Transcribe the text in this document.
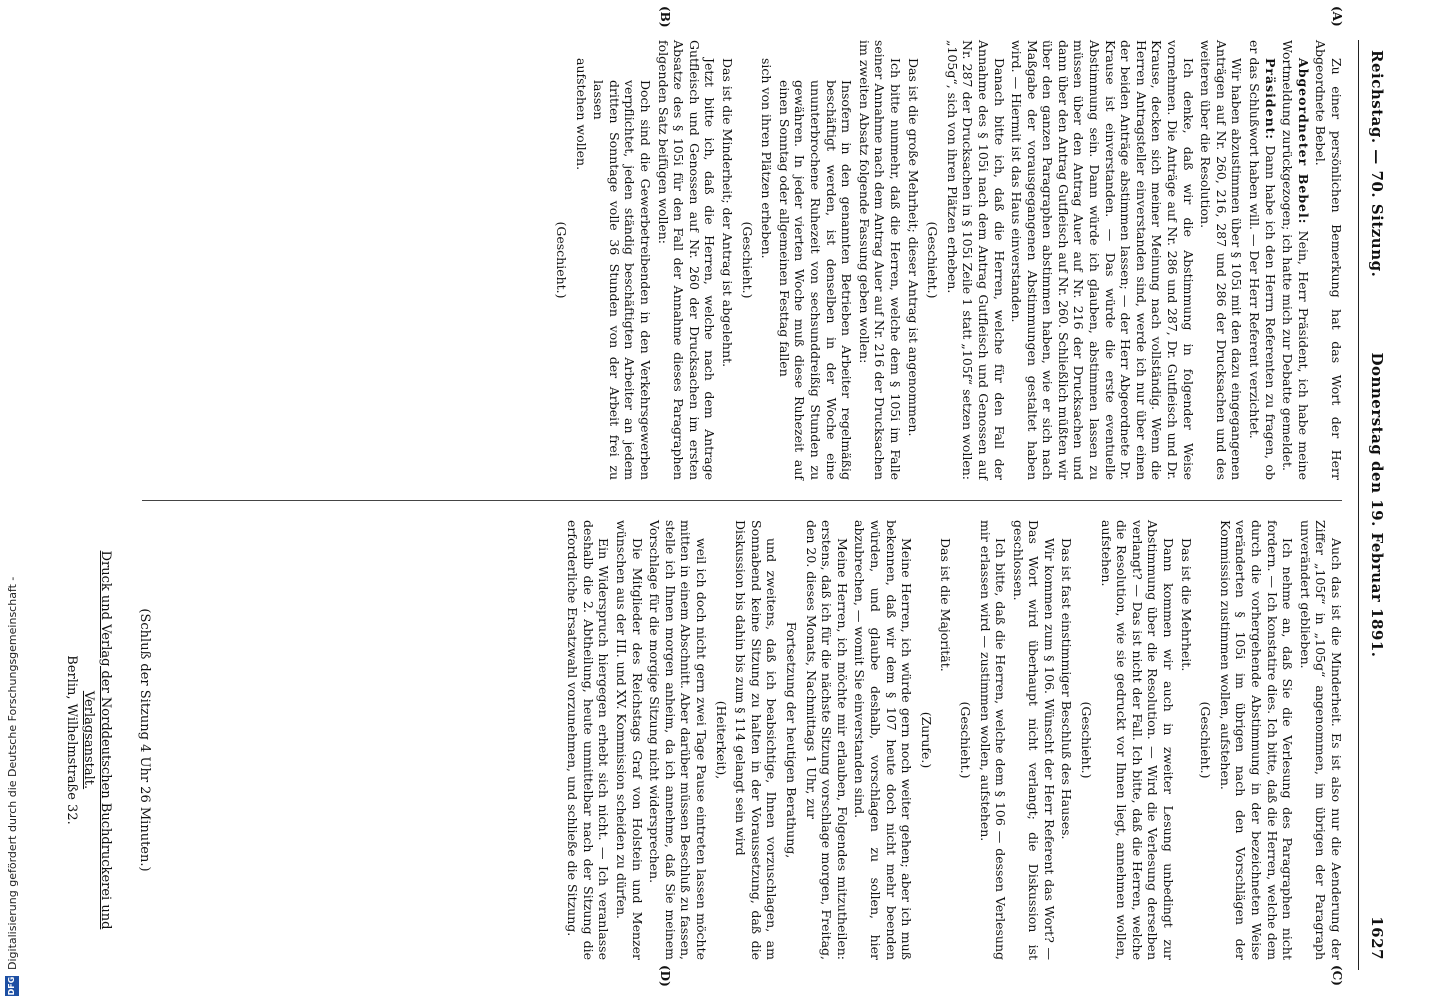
Reichstag. — 70. Sitzung.
Donnerstag den 19. Februar 1891.
1627
(A)
(B)
(C)
(D)

Zu einer persönlichen Bemerkung hat das Wort der Herr Abgeordnete Bebel.

Abgeordneter Bebel: Nein, Herr Präsident, ich habe meine Wortmeldung zurückgezogen; ich hatte mich zur Debatte gemeldet.

Präsident: Dann habe ich den Herrn Referenten zu fragen, ob er das Schlußwort haben will. — Der Herr Referent verzichtet.

Wir haben abzustimmen über § 105i mit den dazu eingegangenen Anträgen auf Nr. 260, 216, 287 und 286 der Drucksachen und des weiteren über die Resolution.

Ich denke, daß wir die Abstimmung in folgender Weise vornehmen. Die Anträge auf Nr. 286 und 287, Dr. Gutfleisch und Dr. Krause, decken sich meiner Meinung nach vollständig. Wenn die Herren Antragsteller einverstanden sind, werde ich nur über einen der beiden Anträge abstimmen lassen; — der Herr Abgeordnete Dr. Krause ist einverstanden. — Das würde die erste eventuelle Abstimmung sein. Dann würde ich glauben, abstimmen lassen zu müssen über den Antrag Auer auf Nr. 216 der Drucksachen und dann über den Antrag Gutfleisch auf Nr. 260. Schließlich müßten wir über den ganzen Paragraphen abstimmen haben, wie er sich nach Maßgabe der vorausgegangenen Abstimmungen gestaltet haben wird. — Hiermit ist das Haus einverstanden.

Danach bitte ich, daß die Herren, welche für den Fall der Annahme des § 105i nach dem Antrag Gutfleisch und Genossen auf Nr. 287 der Drucksachen in § 105i Zeile 1 statt „105f“ setzen wollen: „105g“, sich von ihren Plätzen erheben.

(Geschieht.)

Das ist die große Mehrheit; dieser Antrag ist angenommen.

Ich bitte nunmehr, daß die Herren, welche dem § 105i im Falle seiner Annahme nach dem Antrag Auer auf Nr. 216 der Drucksachen im zweiten Absatz folgende Fassung geben wollen:

Insofern in den genannten Betrieben Arbeiter regelmäßig beschäftigt werden, ist denselben in der Woche eine ununterbrochene Ruhezeit von sechsunddreißig Stunden zu gewähren. In jeder vierten Woche muß diese Ruhezeit auf einen Sonntag oder allgemeinen Festtag fallen

sich von ihren Plätzen erheben.

(Geschieht.)

Das ist die Minderheit; der Antrag ist abgelehnt.

Jetzt bitte ich, daß die Herren, welche nach dem Antrage Gutfleisch und Genossen auf Nr. 260 der Drucksachen im ersten Absatze des § 105i für den Fall der Annahme dieses Paragraphen folgenden Satz beifügen wollen:

Doch sind die Gewerbetreibenden in den Verkehrsgewerben verpflichtet, jeden ständig beschäftigten Arbeiter an jedem dritten Sonntage volle 36 Stunden von der Arbeit frei zu lassen

aufstehen wollen.

(Geschieht.)

Auch das ist die Minderheit. Es ist also nur die Aenderung der Ziffer „105f“ in „105g“ angenommen, im übrigen der Paragraph unverändert geblieben.

Ich nehme an, daß Sie die Verlesung des Paragraphen nicht fordern. — Ich konstatire dies. Ich bitte, daß die Herren, welche dem durch die vorhergehende Abstimmung in der bezeichneten Weise veränderten § 105i im übrigen nach den Vorschlägen der Kommission zustimmen wollen, aufstehen.

(Geschieht.)

Das ist die Mehrheit.

Dann kommen wir auch in zweiter Lesung unbedingt zur Abstimmung über die Resolution. — Wird die Verlesung derselben verlangt? — Das ist nicht der Fall. Ich bitte, daß die Herren, welche die Resolution, wie sie gedruckt vor Ihnen liegt, annehmen wollen, aufstehen.

(Geschieht.)

Das ist fast einstimmiger Beschluß des Hauses.

Wir kommen zum § 106. Wünscht der Herr Referent das Wort? — Das Wort wird überhaupt nicht verlangt; die Diskussion ist geschlossen.

Ich bitte, daß die Herren, welche dem § 106 — dessen Verlesung mir erlassen wird — zustimmen wollen, aufstehen.

(Geschieht.)

Das ist die Majorität.

(Zurufe.)

Meine Herren, ich würde gern noch weiter gehen; aber ich muß bekennen, daß wir dem § 107 heute doch nicht mehr beenden würden, und glaube deshalb, vorschlagen zu sollen, hier abzubrechen, — womit Sie einverstanden sind.

Meine Herren, ich möchte mir erlauben, Folgendes mitzutheilen: erstens, daß ich für die nächste Sitzung vorschlage morgen, Freitag, den 20. dieses Monats, Nachmittags 1 Uhr, zur

Fortsetzung der heutigen Berathung,

und zweitens, daß ich beabsichtige, Ihnen vorzuschlagen, am Sonnabend keine Sitzung zu halten in der Voraussetzung, daß die Diskussion bis dahin bis zum § 114 gelangt sein wird

(Heiterkeit),

weil ich doch nicht gern zwei Tage Pause eintreten lassen möchte mitten in einem Abschnitt. Aber darüber müssen Beschluß zu fassen, stelle ich Ihnen morgen anheim, da ich annehme, daß Sie meinem Vorschlage für die morgige Sitzung nicht widersprechen.

Die Mitglieder des Reichstags Graf von Holstein und Menzer wünschen aus der III. und XV. Kommission scheiden zu dürfen.

Ein Widerspruch hiergegen erhebt sich nicht. — Ich veranlasse deshalb die 2. Abtheilung, heute unmittelbar nach der Sitzung die erforderliche Ersatzwahl vorzunehmen, und schließe die Sitzung.

(Schluß der Sitzung 4 Uhr 26 Minuten.)
Druck und Verlag der Norddeutschen Buchdruckerei und Verlagsanstalt.
Berlin, Wilhelmstraße 32.
Digitalisierung gefördert durch die Deutsche Forschungsgemeinschaft -
DFG
